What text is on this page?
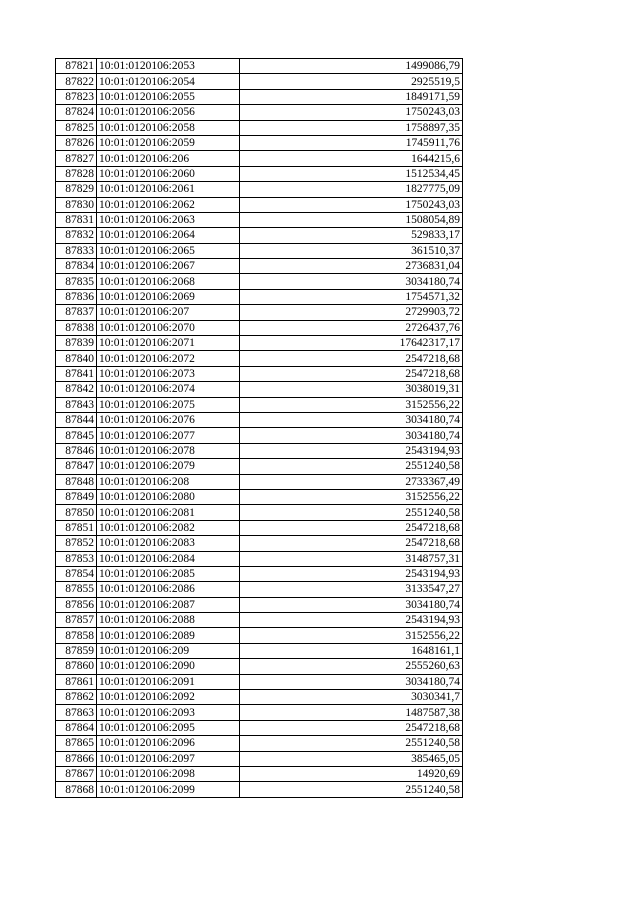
87821	10:01:0120106:2053	1499086,79
87822	10:01:0120106:2054	2925519,5
87823	10:01:0120106:2055	1849171,59
87824	10:01:0120106:2056	1750243,03
87825	10:01:0120106:2058	1758897,35
87826	10:01:0120106:2059	1745911,76
87827	10:01:0120106:206	1644215,6
87828	10:01:0120106:2060	1512534,45
87829	10:01:0120106:2061	1827775,09
87830	10:01:0120106:2062	1750243,03
87831	10:01:0120106:2063	1508054,89
87832	10:01:0120106:2064	529833,17
87833	10:01:0120106:2065	361510,37
87834	10:01:0120106:2067	2736831,04
87835	10:01:0120106:2068	3034180,74
87836	10:01:0120106:2069	1754571,32
87837	10:01:0120106:207	2729903,72
87838	10:01:0120106:2070	2726437,76
87839	10:01:0120106:2071	17642317,17
87840	10:01:0120106:2072	2547218,68
87841	10:01:0120106:2073	2547218,68
87842	10:01:0120106:2074	3038019,31
87843	10:01:0120106:2075	3152556,22
87844	10:01:0120106:2076	3034180,74
87845	10:01:0120106:2077	3034180,74
87846	10:01:0120106:2078	2543194,93
87847	10:01:0120106:2079	2551240,58
87848	10:01:0120106:208	2733367,49
87849	10:01:0120106:2080	3152556,22
87850	10:01:0120106:2081	2551240,58
87851	10:01:0120106:2082	2547218,68
87852	10:01:0120106:2083	2547218,68
87853	10:01:0120106:2084	3148757,31
87854	10:01:0120106:2085	2543194,93
87855	10:01:0120106:2086	3133547,27
87856	10:01:0120106:2087	3034180,74
87857	10:01:0120106:2088	2543194,93
87858	10:01:0120106:2089	3152556,22
87859	10:01:0120106:209	1648161,1
87860	10:01:0120106:2090	2555260,63
87861	10:01:0120106:2091	3034180,74
87862	10:01:0120106:2092	3030341,7
87863	10:01:0120106:2093	1487587,38
87864	10:01:0120106:2095	2547218,68
87865	10:01:0120106:2096	2551240,58
87866	10:01:0120106:2097	385465,05
87867	10:01:0120106:2098	14920,69
87868	10:01:0120106:2099	2551240,58
